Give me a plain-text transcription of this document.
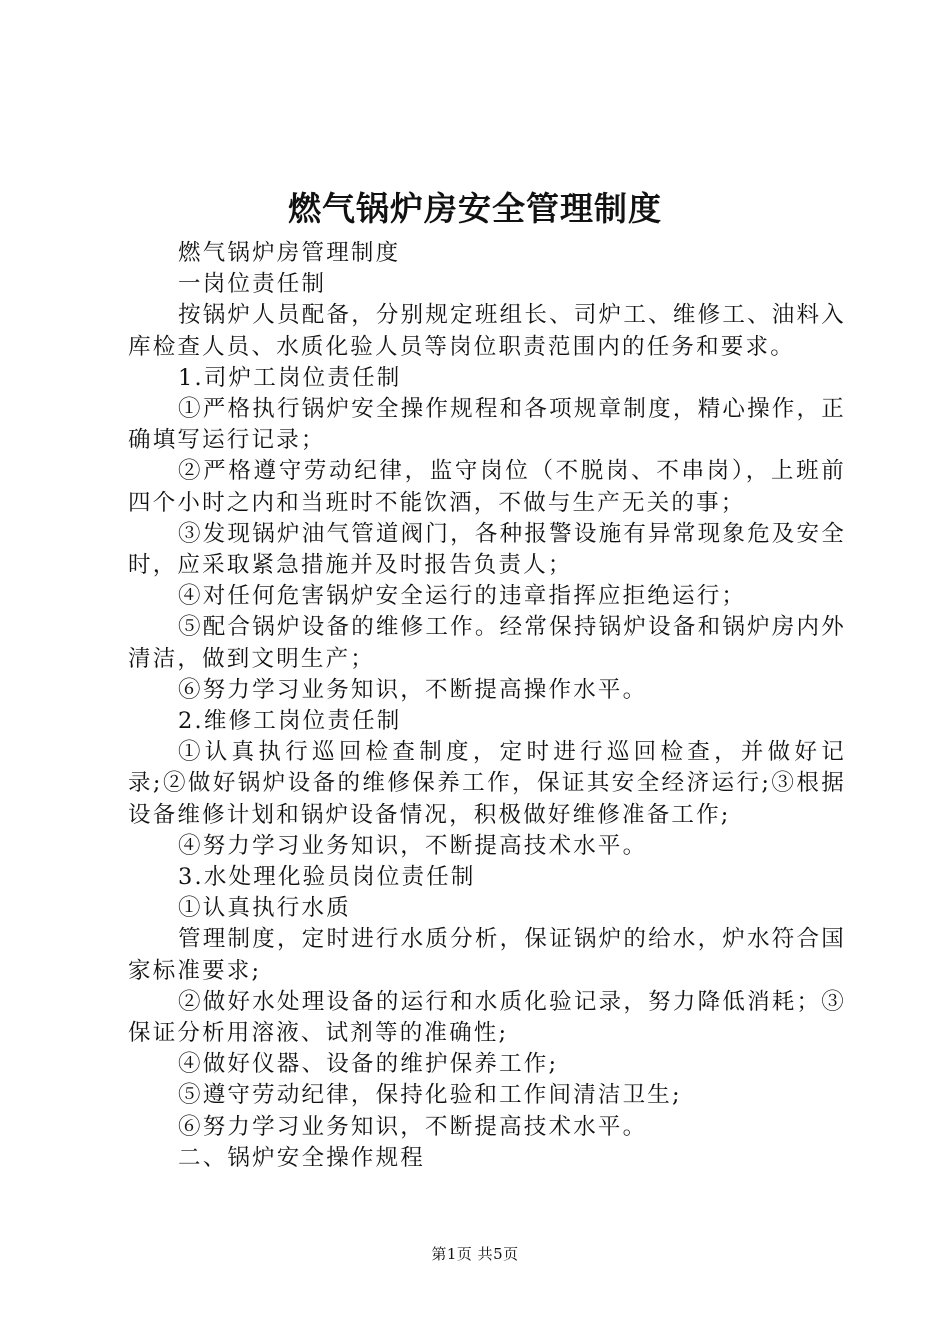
燃气锅炉房安全管理制度

燃气锅炉房管理制度

一岗位责任制

按锅炉人员配备，分别规定班组长、司炉工、维修工、油料入库检查人员、水质化验人员等岗位职责范围内的任务和要求。

1.司炉工岗位责任制

①严格执行锅炉安全操作规程和各项规章制度，精心操作，正确填写运行记录；

②严格遵守劳动纪律，监守岗位（不脱岗、不串岗），上班前四个小时之内和当班时不能饮酒，不做与生产无关的事；

③发现锅炉油气管道阀门，各种报警设施有异常现象危及安全时，应采取紧急措施并及时报告负责人；

④对任何危害锅炉安全运行的违章指挥应拒绝运行；

⑤配合锅炉设备的维修工作。经常保持锅炉设备和锅炉房内外清洁，做到文明生产；

⑥努力学习业务知识，不断提高操作水平。

2.维修工岗位责任制

①认真执行巡回检查制度，定时进行巡回检查，并做好记录;②做好锅炉设备的维修保养工作，保证其安全经济运行;③根据设备维修计划和锅炉设备情况，积极做好维修准备工作;

④努力学习业务知识，不断提高技术水平。

3.水处理化验员岗位责任制

①认真执行水质

管理制度，定时进行水质分析，保证锅炉的给水，炉水符合国家标准要求;

②做好水处理设备的运行和水质化验记录，努力降低消耗；③保证分析用溶液、试剂等的准确性;

④做好仪器、设备的维护保养工作;

⑤遵守劳动纪律，保持化验和工作间清洁卫生;

⑥努力学习业务知识，不断提高技术水平。

二、锅炉安全操作规程

第1页 共5页
